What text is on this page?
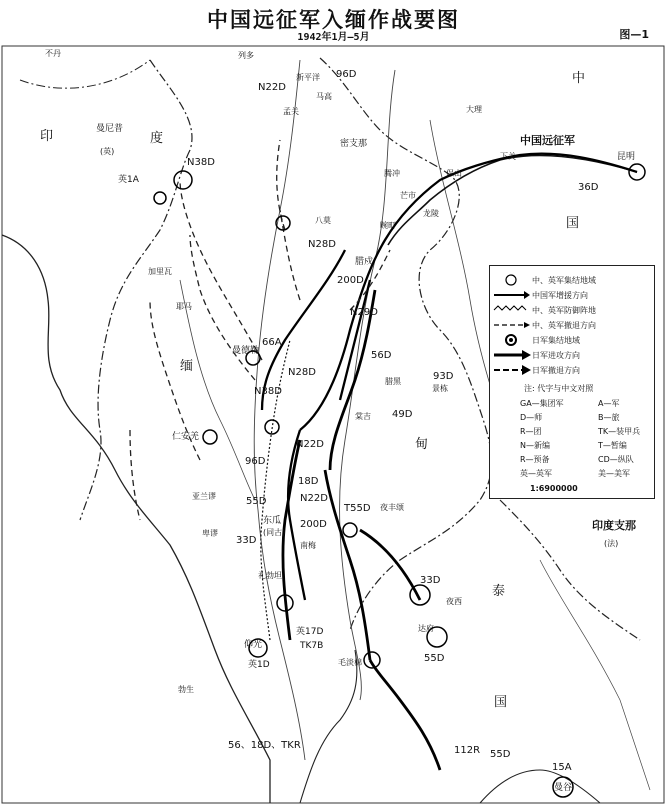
中国远征军入缅作战要图
1942年1月—5月	图—1
不丹
印	度
曼尼普
(英)
中
国
缅
甸
泰
国
印度支那
(法)
列多
新平洋
孟关
马高
密支那
八莫
腊戍
曼德勒
仁安羌
东瓜
(同古)
仰光
毛淡棉
景栋
昆明
下关
畹町
龙陵
保山
腾冲
芒市
大理
曼谷
达府
夜西
加里瓦
耶马
亚兰谬
卑谬
勃生
礼勃坦
南梅
棠吉
腊黑
N38D
英1A
N22D
96D
36D
N28D
200D
N29D
66A
N38D
N28D
56D
93D
49D
96D
N22D
18D
55D	N22D
33D
T55D 夜丰颂
200D
33D
55D
英17D
TK7B
英1D
112R 55D
15A
56、18D、TKR
中国远征军
中、英军集结地域
中国军增援方向
中、英军防御阵地
中、英军撤退方向
日军集结地域
日军进攻方向
日军撤退方向
注: 代字与中文对照
GA—集团军	A—军
D—师	B—旅
R—团	TK—装甲兵
N—新编	T—暂编
R—预备	CD—纵队
英—英军	美—美军
1:6900000
